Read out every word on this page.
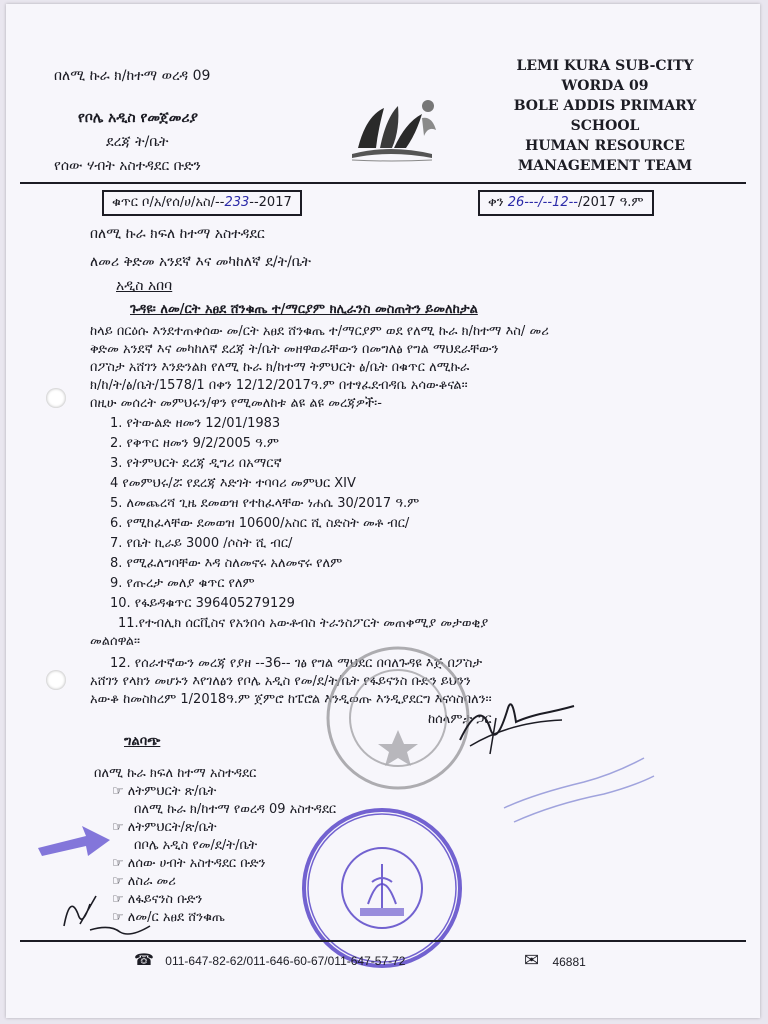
በለሚ ኩራ ክ/ከተማ ወረዳ 09
የቦሌ አዲስ የመጀመሪያ
ደረጃ ት/ቤት
የሰው ሃብት አስተዳደር ቡድን
LEMI KURA SUB-CITY
WORDA 09
BOLE ADDIS PRIMARY
SCHOOL
HUMAN RESOURCE
MANAGEMENT TEAM
ቁጥር ቦ/አ/የሰ/ሀ/አስ/--233--2017	ቀን 26---/--12--/2017 ዓ.ም
በለሚ ኩራ ክፍለ ከተማ አስተዳደር
ለመሪ ቅድመ አንደኛ እና መካከለኛ ደ/ት/ቤት
አዲስ አበባ
ጉዳዩ፡ ለመ/ርት አፀደ ሸንቁጤ ተ/ማርያም ክሊራንስ መስጠትን ይመለከታል
ከላይ በርዕሱ እንደተጠቀሰው መ/ርት አፀደ ሸንቁጤ ተ/ማርያም ወደ የለሚ ኩራ ክ/ከተማ እስ/ መሪ
ቅድመ አንደኛ እና መካከለኛ ደረጃ ት/ቤት መዘዋወራቸውን በመግለፅ የግል ማህደራቸውን
በፖስታ አሸገን እንድንልክ የለሚ ኩራ ክ/ከተማ ትምህርት ፅ/ቤት በቁጥር ለሚኩራ
ክ/ከ/ት/ፅ/ቤት/1578/1 በቀን 12/12/2017ዓ.ም በተፃፈደብዳቤ አሳውቆናል፡፡
በዚሁ መሰረት መምህሩን/ዋን የሚመለከቱ ልዩ ልዩ መረጃዎች፡-
1. የትውልድ ዘመን 12/01/1983
2. የቅጥር ዘመን 9/2/2005 ዓ.ም
3. የትምህርት ደረጃ ዲግሪ በአማርኛ
4 የመምህሩ/ሯ የደረጃ እድገት ተባባሪ መምህር XIV
5. ለመጨረሻ ጊዜ ደመወዝ የተከፈላቸው ነሐሴ 30/2017 ዓ.ም
6. የሚከፈላቸው ደመወዝ 10600/አስር ሺ ስድስት መቶ ብር/
7. የቤት ኪራይ 3000 /ሶስት ሺ ብር/
8. የሚፈለግባቸው እዳ ስለመኖሩ አለመኖሩ የለም
9. የጡረታ መለያ ቁጥር የለም
10. የፋይዳቁጥር 396405279129
11.የተብሊክ ሰርቪስና የአንበሳ አውቶብስ ትራንስፖርት መጠቀሚያ መታወቂያ
መልሰዋል፡፡
12. የሰራተኛውን መረጃ የያዘ --36-- ገፅ የግል ማህደር በባለጉዳዩ እጅ በፖስታ
አሸገን የላክን መሆኑን እየገለፅን የቦሌ አዲስ የመ/ደ/ት/ቤት የፋይናንስ ቡድን ይህንን
አውቆ ከመስከረም 1/2018ዓ.ም ጀምሮ ከፔሮል እንዲወጡ እንዲያደርግ እናሳስባለን፡፡
ከሰላምታ ጋር
ግልባጭ
በለሚ ኩራ ክፍለ ከተማ አስተዳደር
☞ ለትምህርት ጽ/ቤት
በለሚ ኩራ ክ/ከተማ የወረዳ 09 አስተዳደር
☞ ለትምህርት/ጽ/ቤት
በቦሌ አዲስ የመ/ደ/ት/ቤት
☞ ለሰው ሀብት አስተዳደር ቡድን
☞ ለስራ መሪ
☞ ለፋይናንስ ቡድን
☞ ለመ/ር አፀደ ሸንቁጤ
☎ 011-647-82-62/011-646-60-67/011-647-57-72	✉ 46881
